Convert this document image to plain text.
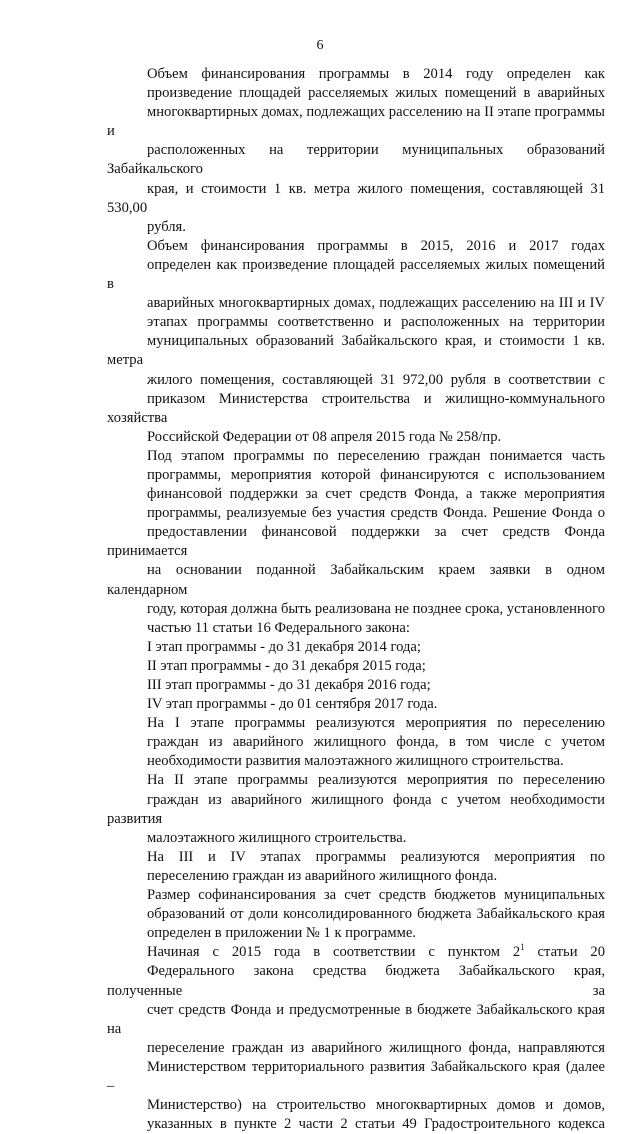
6
Объем финансирования программы в 2014 году определен как
произведение площадей расселяемых жилых помещений в аварийных
многоквартирных домах, подлежащих расселению на II этапе программы и
расположенных на территории муниципальных образований Забайкальского
края, и стоимости 1 кв. метра жилого помещения, составляющей 31 530,00
рубля.
Объем финансирования программы в 2015, 2016 и 2017 годах
определен как произведение площадей расселяемых жилых помещений в
аварийных многоквартирных домах, подлежащих расселению на III и IV
этапах программы соответственно и расположенных на территории
муниципальных образований Забайкальского края, и стоимости 1 кв. метра
жилого помещения, составляющей 31 972,00 рубля в соответствии с
приказом Министерства строительства и жилищно-коммунального хозяйства
Российской Федерации от 08 апреля 2015 года № 258/пр.
Под этапом программы по переселению граждан понимается часть
программы, мероприятия которой финансируются с использованием
финансовой поддержки за счет средств Фонда, а также мероприятия
программы, реализуемые без участия средств Фонда. Решение Фонда о
предоставлении финансовой поддержки за счет средств Фонда принимается
на основании поданной Забайкальским краем заявки в одном календарном
году, которая должна быть реализована не позднее срока, установленного
частью 11 статьи 16 Федерального закона:
I этап программы - до 31 декабря 2014 года;
II этап программы - до 31 декабря 2015 года;
III этап программы - до 31 декабря 2016 года;
IV этап программы - до 01 сентября 2017 года.
На I этапе программы реализуются мероприятия по переселению
граждан из аварийного жилищного фонда, в том числе с учетом
необходимости развития малоэтажного жилищного строительства.
На II этапе программы реализуются мероприятия по переселению
граждан из аварийного жилищного фонда с учетом необходимости развития
малоэтажного жилищного строительства.
На III и IV этапах программы реализуются мероприятия по
переселению граждан из аварийного жилищного фонда.
Размер софинансирования за счет средств бюджетов муниципальных
образований от доли консолидированного бюджета Забайкальского края
определен в приложении № 1 к программе.
Начиная с 2015 года в соответствии с пунктом $2^1$ статьи 20
Федерального закона средства бюджета Забайкальского края, полученные за
счет средств Фонда и предусмотренные в бюджете Забайкальского края на
переселение граждан из аварийного жилищного фонда, направляются
Министерством территориального развития Забайкальского края (далее –
Министерство) на строительство многоквартирных домов и домов,
указанных в пункте 2 части 2 статьи 49 Градостроительного кодекса
